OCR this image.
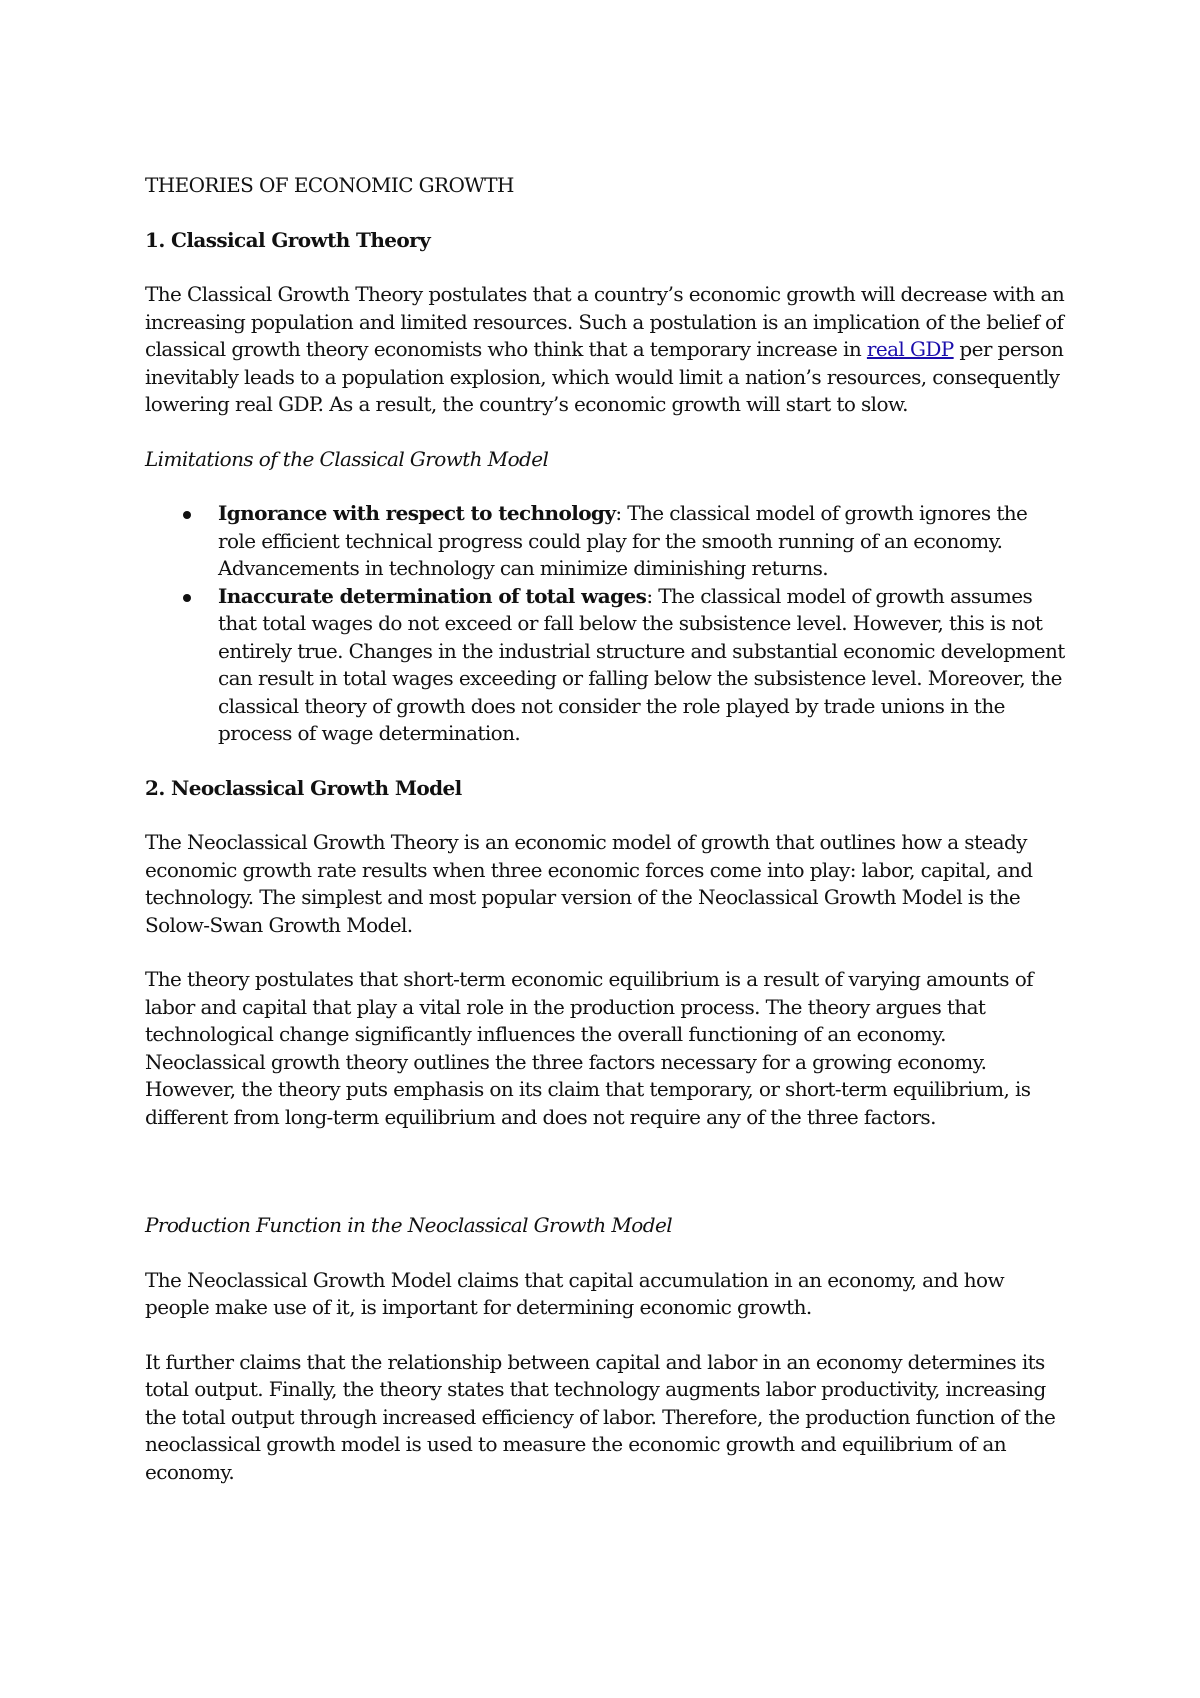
THEORIES OF ECONOMIC GROWTH

1. Classical Growth Theory

The Classical Growth Theory postulates that a country’s economic growth will decrease with an increasing population and limited resources. Such a postulation is an implication of the belief of classical growth theory economists who think that a temporary increase in real GDP per person inevitably leads to a population explosion, which would limit a nation’s resources, consequently lowering real GDP. As a result, the country’s economic growth will start to slow.

Limitations of the Classical Growth Model

Ignorance with respect to technology: The classical model of growth ignores the role efficient technical progress could play for the smooth running of an economy. Advancements in technology can minimize diminishing returns.
Inaccurate determination of total wages: The classical model of growth assumes that total wages do not exceed or fall below the subsistence level. However, this is not entirely true. Changes in the industrial structure and substantial economic development can result in total wages exceeding or falling below the subsistence level. Moreover, the classical theory of growth does not consider the role played by trade unions in the process of wage determination.

2. Neoclassical Growth Model

The Neoclassical Growth Theory is an economic model of growth that outlines how a steady economic growth rate results when three economic forces come into play: labor, capital, and technology. The simplest and most popular version of the Neoclassical Growth Model is the Solow-Swan Growth Model.

The theory postulates that short-term economic equilibrium is a result of varying amounts of labor and capital that play a vital role in the production process. The theory argues that technological change significantly influences the overall functioning of an economy. Neoclassical growth theory outlines the three factors necessary for a growing economy. However, the theory puts emphasis on its claim that temporary, or short-term equilibrium, is different from long-term equilibrium and does not require any of the three factors.

Production Function in the Neoclassical Growth Model

The Neoclassical Growth Model claims that capital accumulation in an economy, and how people make use of it, is important for determining economic growth.

It further claims that the relationship between capital and labor in an economy determines its total output. Finally, the theory states that technology augments labor productivity, increasing the total output through increased efficiency of labor. Therefore, the production function of the neoclassical growth model is used to measure the economic growth and equilibrium of an economy.
